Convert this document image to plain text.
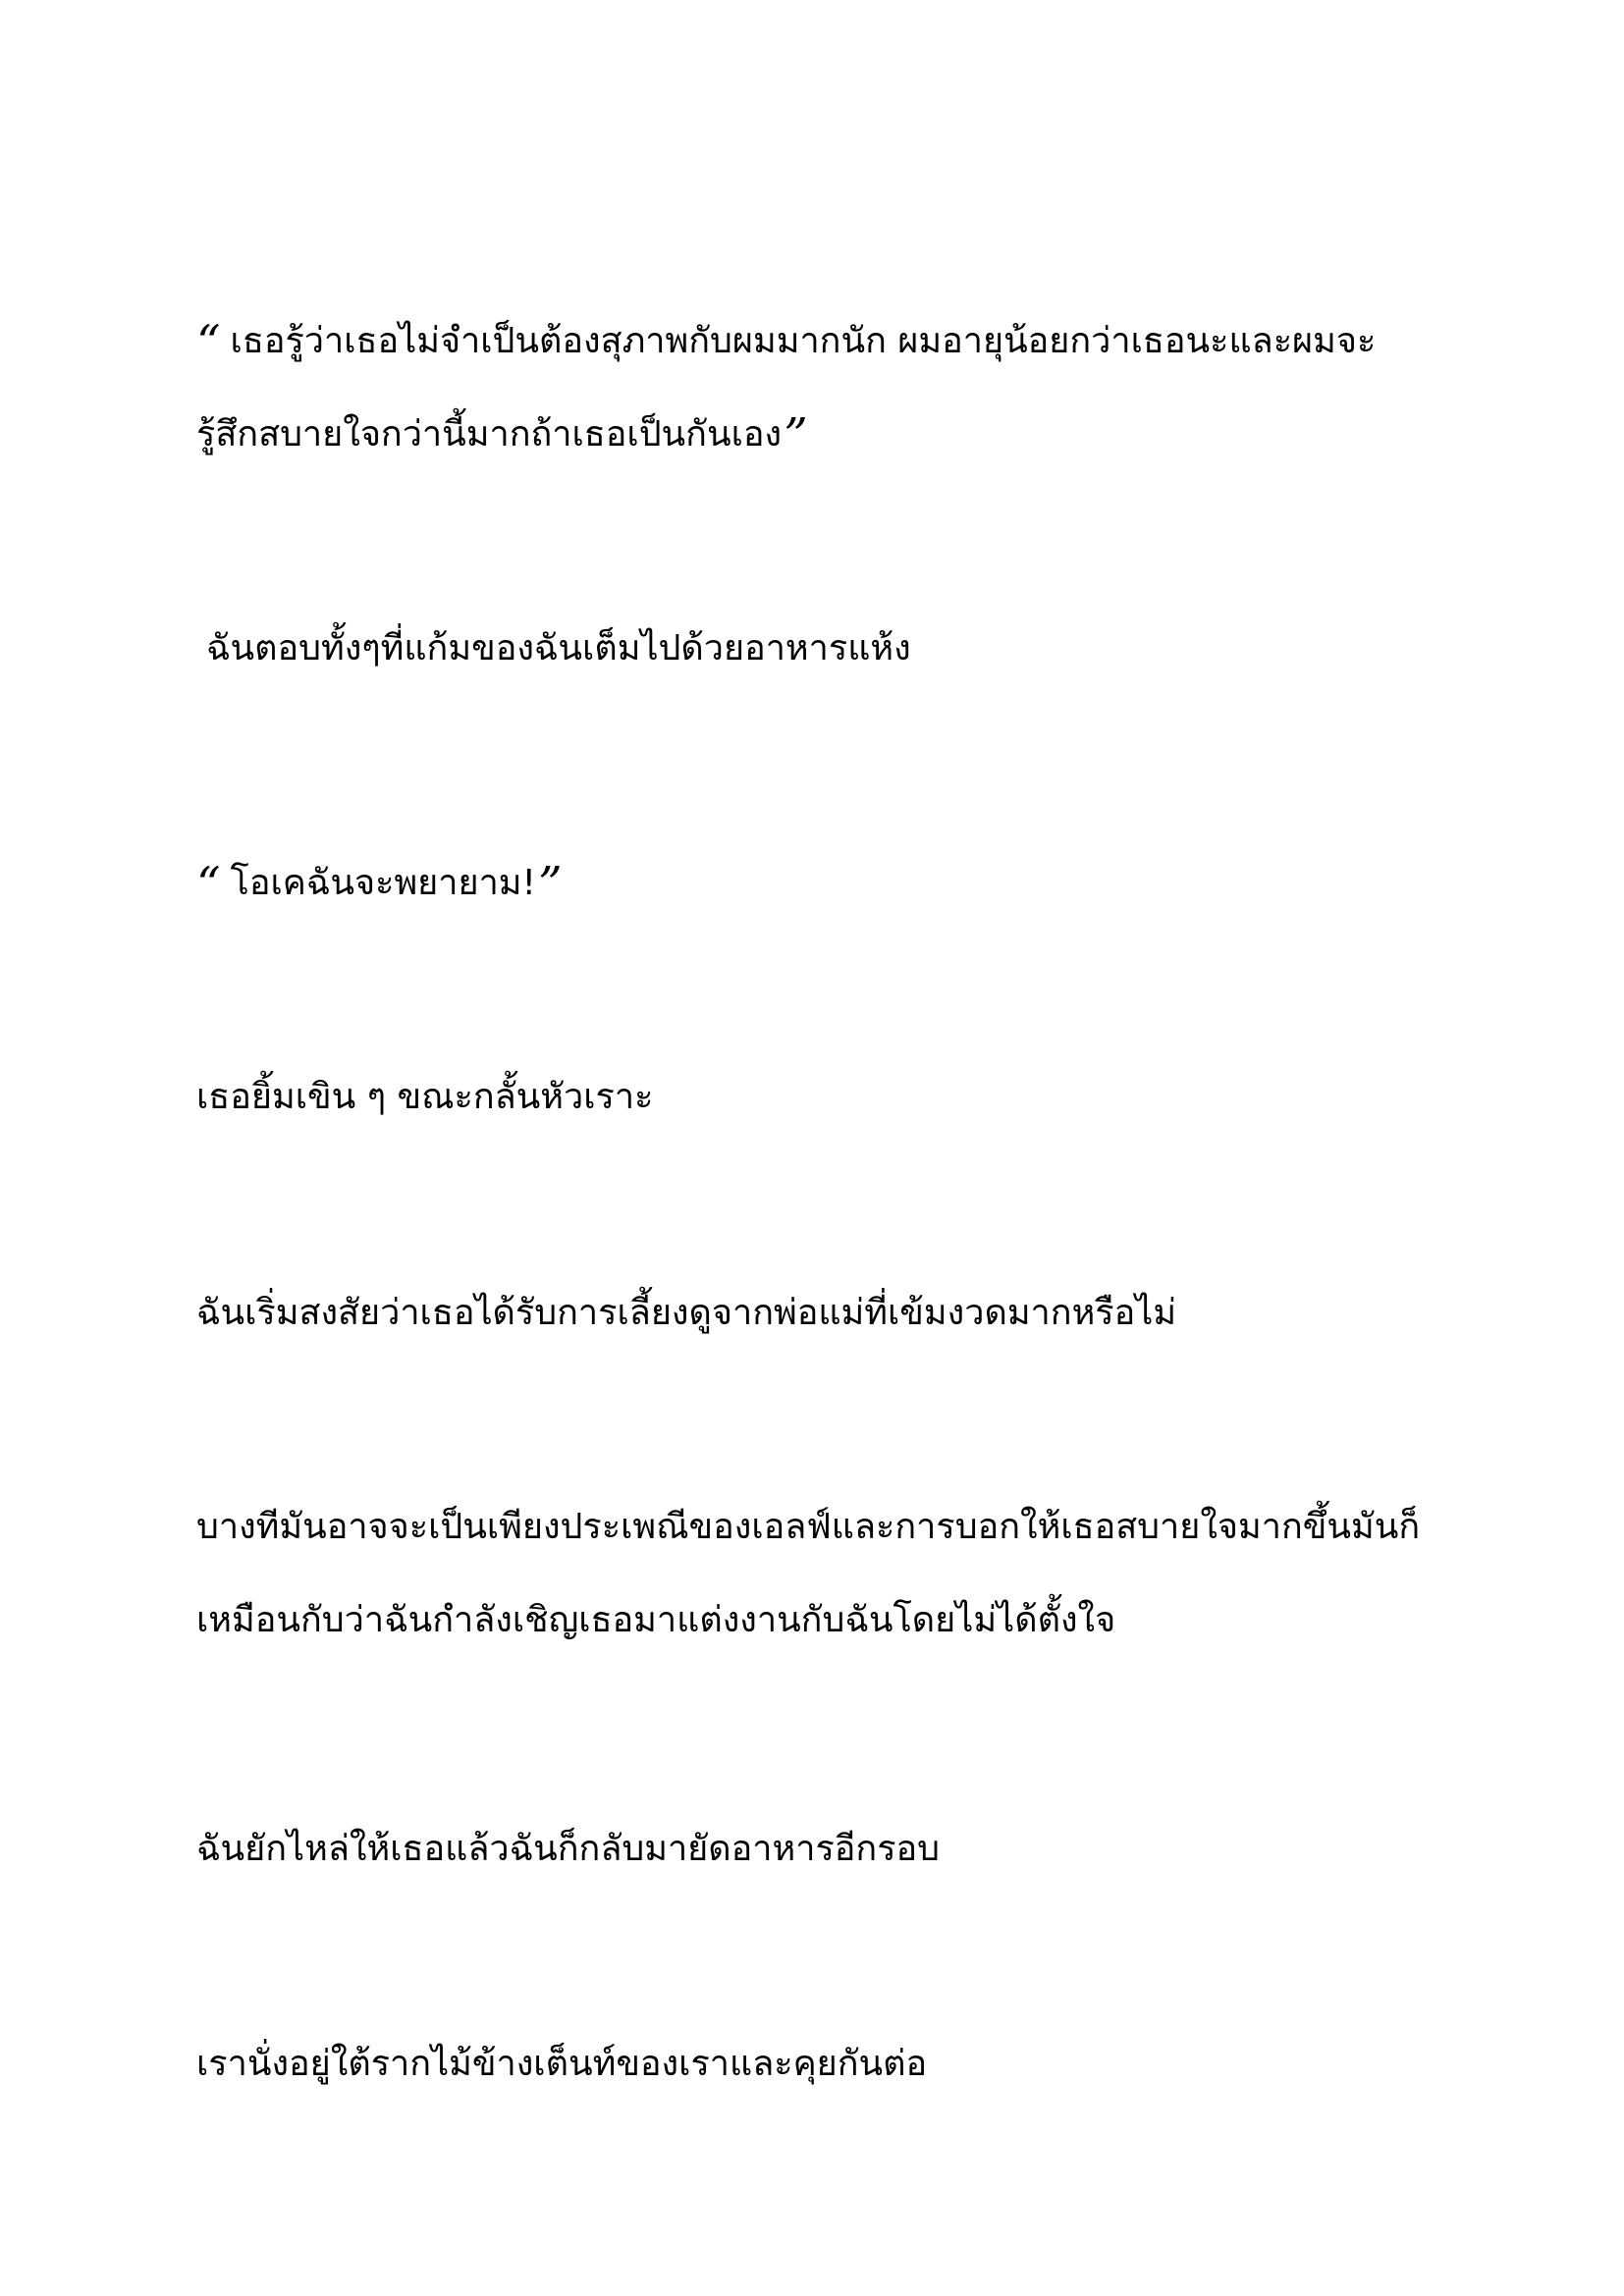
“ เธอรู้ว่าเธอไม่จำเป็นต้องสุภาพกับผมมากนัก ผมอายุน้อยกว่าเธอนะและผมจะ
รู้สึกสบายใจกว่านี้มากถ้าเธอเป็นกันเอง”
ฉันตอบทั้งๆที่แก้มของฉันเต็มไปด้วยอาหารแห้ง
“ โอเคฉันจะพยายาม!”
เธอยิ้มเขิน ๆ ขณะกลั้นหัวเราะ
ฉันเริ่มสงสัยว่าเธอได้รับการเลี้ยงดูจากพ่อแม่ที่เข้มงวดมากหรือไม่
บางทีมันอาจจะเป็นเพียงประเพณีของเอลฟ์และการบอกให้เธอสบายใจมากขึ้นมันก็
เหมือนกับว่าฉันกำลังเชิญเธอมาแต่งงานกับฉันโดยไม่ได้ตั้งใจ
ฉันยักไหล่ให้เธอแล้วฉันก็กลับมายัดอาหารอีกรอบ
เรานั่งอยู่ใต้รากไม้ข้างเต็นท์ของเราและคุยกันต่อ
